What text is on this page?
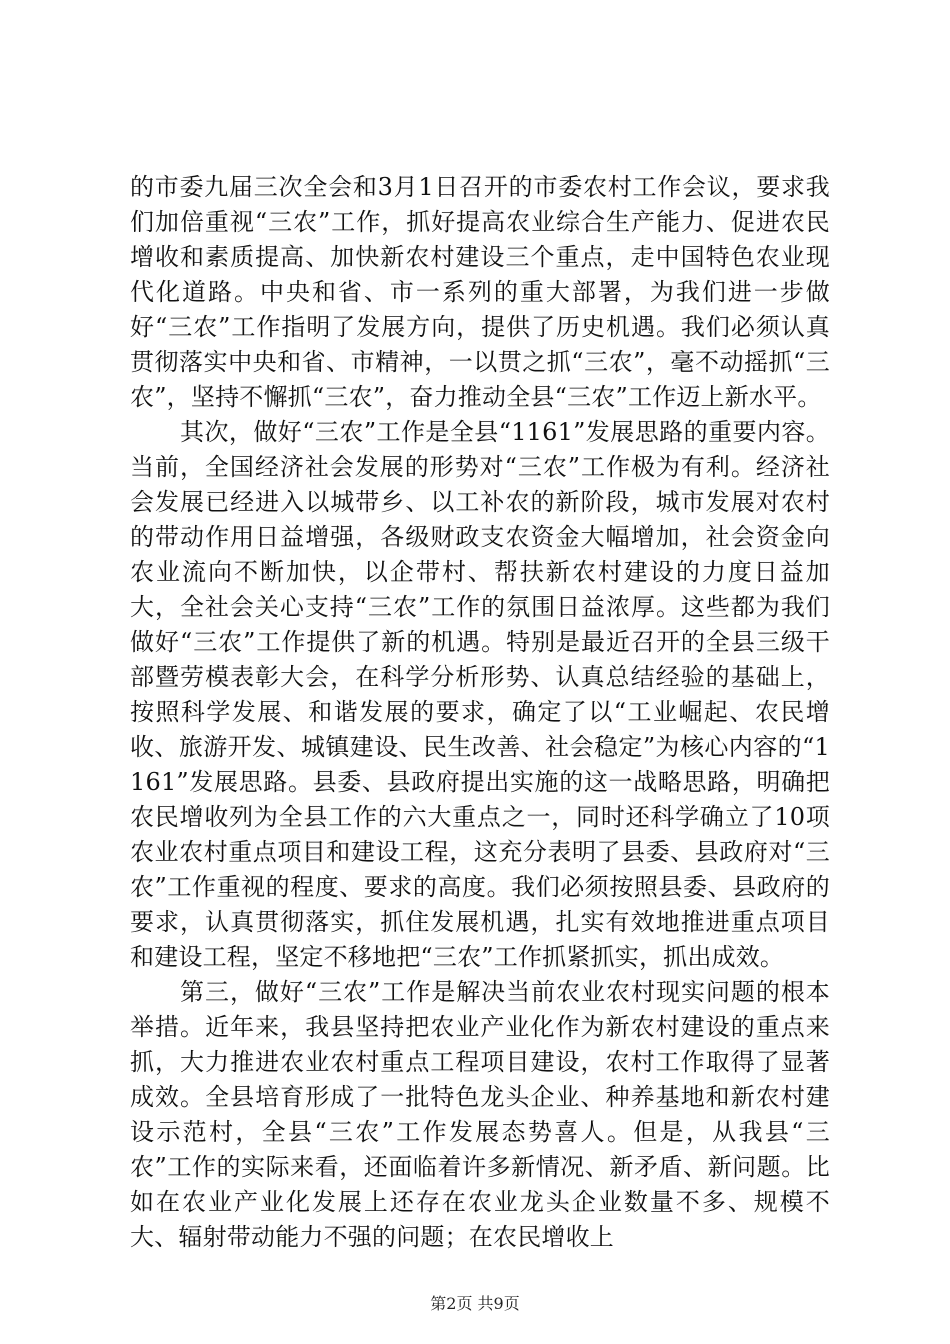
的市委九届三次全会和3月1日召开的市委农村工作会议，要求我们加倍重视“三农”工作，抓好提高农业综合生产能力、促进农民增收和素质提高、加快新农村建设三个重点，走中国特色农业现代化道路。中央和省、市一系列的重大部署，为我们进一步做好“三农”工作指明了发展方向，提供了历史机遇。我们必须认真贯彻落实中央和省、市精神，一以贯之抓“三农”，毫不动摇抓“三农”，坚持不懈抓“三农”，奋力推动全县“三农”工作迈上新水平。

其次，做好“三农”工作是全县“1161”发展思路的重要内容。当前，全国经济社会发展的形势对“三农”工作极为有利。经济社会发展已经进入以城带乡、以工补农的新阶段，城市发展对农村的带动作用日益增强，各级财政支农资金大幅增加，社会资金向农业流向不断加快，以企带村、帮扶新农村建设的力度日益加大，全社会关心支持“三农”工作的氛围日益浓厚。这些都为我们做好“三农”工作提供了新的机遇。特别是最近召开的全县三级干部暨劳模表彰大会，在科学分析形势、认真总结经验的基础上，按照科学发展、和谐发展的要求，确定了以“工业崛起、农民增收、旅游开发、城镇建设、民生改善、社会稳定”为核心内容的“1161”发展思路。县委、县政府提出实施的这一战略思路，明确把农民增收列为全县工作的六大重点之一，同时还科学确立了10项农业农村重点项目和建设工程，这充分表明了县委、县政府对“三农”工作重视的程度、要求的高度。我们必须按照县委、县政府的要求，认真贯彻落实，抓住发展机遇，扎实有效地推进重点项目和建设工程，坚定不移地把“三农”工作抓紧抓实，抓出成效。

第三，做好“三农”工作是解决当前农业农村现实问题的根本举措。近年来，我县坚持把农业产业化作为新农村建设的重点来抓，大力推进农业农村重点工程项目建设，农村工作取得了显著成效。全县培育形成了一批特色龙头企业、种养基地和新农村建设示范村，全县“三农”工作发展态势喜人。但是，从我县“三农”工作的实际来看，还面临着许多新情况、新矛盾、新问题。比如在农业产业化发展上还存在农业龙头企业数量不多、规模不大、辐射带动能力不强的问题；在农民增收上

第2页 共9页
